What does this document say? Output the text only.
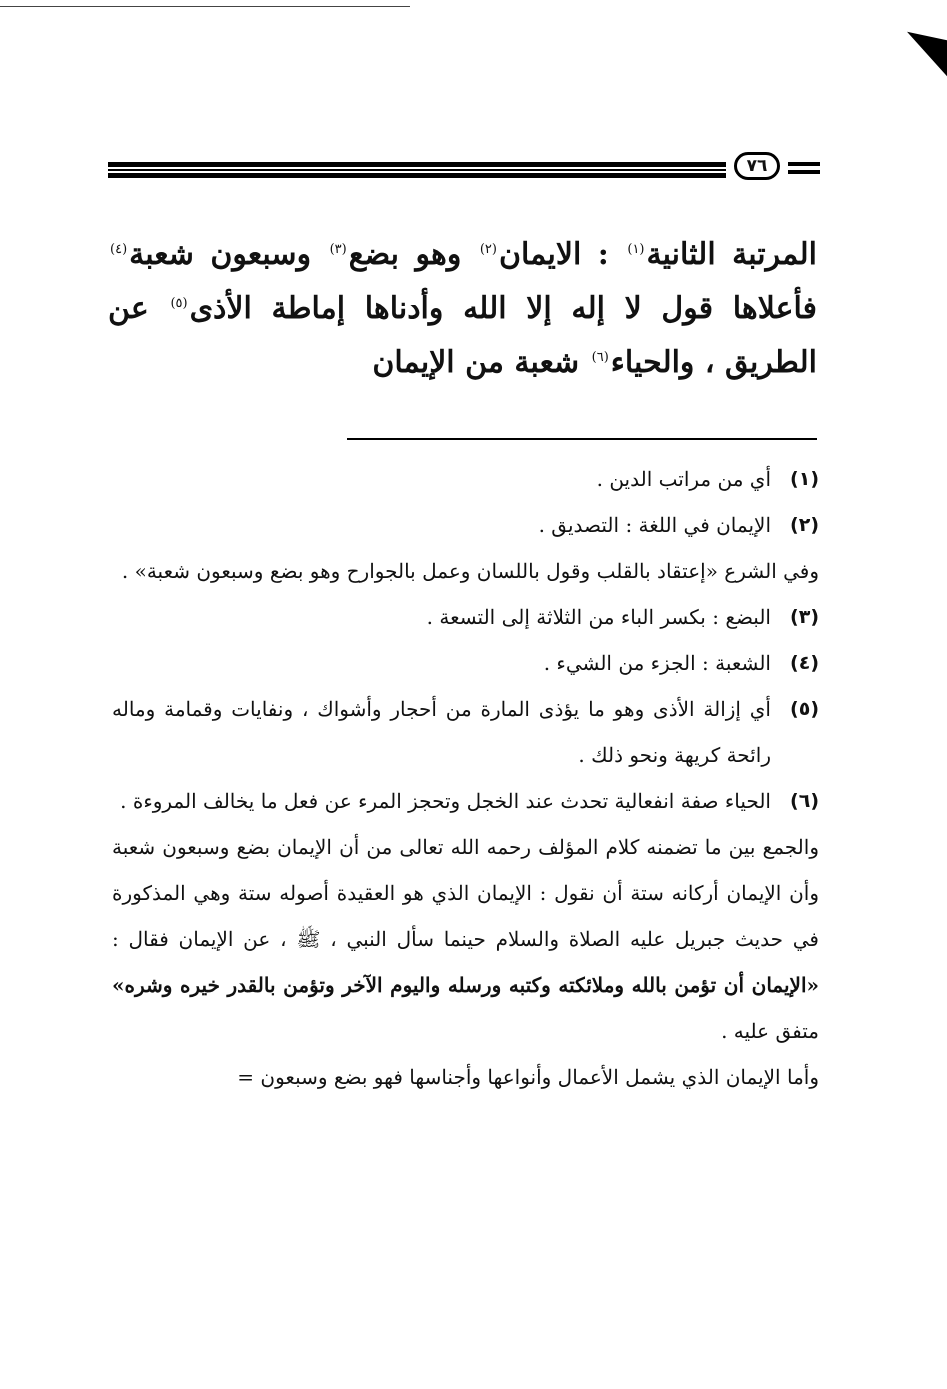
٧٦

المرتبة الثانية$^{(١)}$ : الايمان$^{(٢)}$ وهو بضع$^{(٣)}$ وسبعون شعبة$^{(٤)}$ فأعلاها قول لا إله إلا الله وأدناها إماطة الأذى$^{(٥)}$ عن الطريق ، والحياء$^{(٦)}$ شعبة من الإيمان

(١)
أي من مراتب الدين .
(٢)
الإيمان في اللغة : التصديق .
وفي الشرع «إعتقاد بالقلب وقول باللسان وعمل بالجوارح وهو بضع وسبعون شعبة» .
(٣)
البضع : بكسر الباء من الثلاثة إلى التسعة .
(٤)
الشعبة : الجزء من الشيء .
(٥)
أي إزالة الأذى وهو ما يؤذى المارة من أحجار وأشواك ، ونفايات وقمامة وماله رائحة كريهة ونحو ذلك .
(٦)
الحياء صفة انفعالية تحدث عند الخجل وتحجز المرء عن فعل ما يخالف المروءة .
والجمع بين ما تضمنه كلام المؤلف رحمه الله تعالى من أن الإيمان بضع وسبعون شعبة وأن الإيمان أركانه ستة أن نقول : الإيمان الذي هو العقيدة أصوله ستة وهي المذكورة في حديث جبريل عليه الصلاة والسلام حينما سأل النبي ، ﷺ ، عن الإيمان فقال : «الإيمان أن تؤمن بالله وملائكته وكتبه ورسله واليوم الآخر وتؤمن بالقدر خيره وشره» متفق عليه .
وأما الإيمان الذي يشمل الأعمال وأنواعها وأجناسها فهو بضع وسبعون =
